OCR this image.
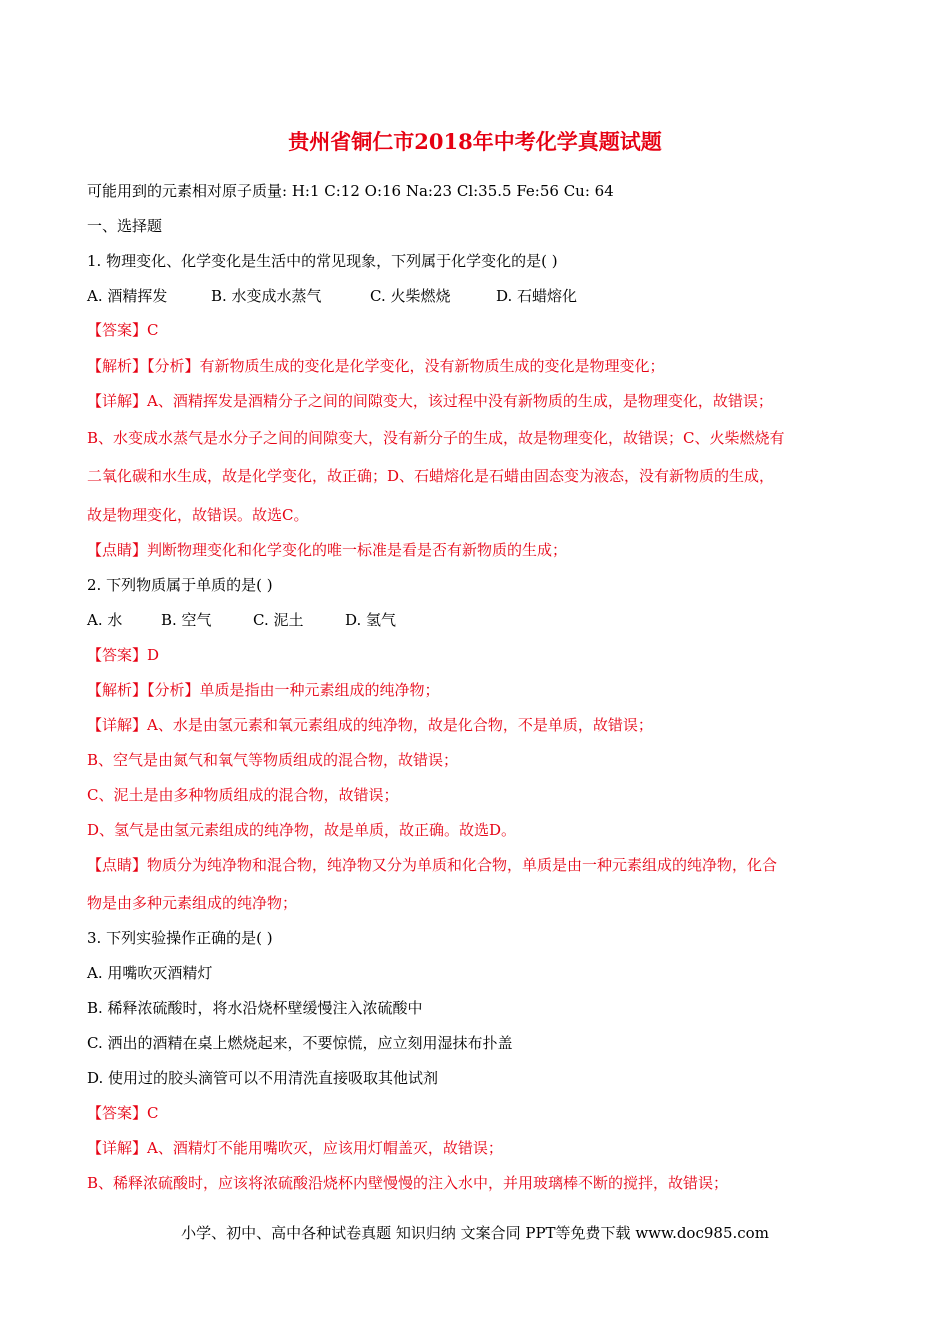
贵州省铜仁市2018年中考化学真题试题
可能用到的元素相对原子质量: H:1 C:12 O:16 Na:23 Cl:35.5 Fe:56 Cu: 64
一、选择题
1. 物理变化、化学变化是生活中的常见现象，下列属于化学变化的是( )
A. 酒精挥发	B. 水变成水蒸气	C. 火柴燃烧	D. 石蜡熔化
【答案】C
【解析】【分析】有新物质生成的变化是化学变化，没有新物质生成的变化是物理变化；
【详解】A、酒精挥发是酒精分子之间的间隙变大，该过程中没有新物质的生成，是物理变化，故错误；
B、水变成水蒸气是水分子之间的间隙变大，没有新分子的生成，故是物理变化，故错误；C、火柴燃烧有
二氧化碳和水生成，故是化学变化，故正确；D、石蜡熔化是石蜡由固态变为液态，没有新物质的生成，
故是物理变化，故错误。故选C。
【点睛】判断物理变化和化学变化的唯一标准是看是否有新物质的生成；
2. 下列物质属于单质的是( )
A. 水	B. 空气	C. 泥土	D. 氢气
【答案】D
【解析】【分析】单质是指由一种元素组成的纯净物；
【详解】A、水是由氢元素和氧元素组成的纯净物，故是化合物，不是单质，故错误；
B、空气是由氮气和氧气等物质组成的混合物，故错误；
C、泥土是由多种物质组成的混合物，故错误；
D、氢气是由氢元素组成的纯净物，故是单质，故正确。故选D。
【点睛】物质分为纯净物和混合物，纯净物又分为单质和化合物，单质是由一种元素组成的纯净物，化合
物是由多种元素组成的纯净物；
3. 下列实验操作正确的是( )
A. 用嘴吹灭酒精灯
B. 稀释浓硫酸时，将水沿烧杯壁缓慢注入浓硫酸中
C. 洒出的酒精在桌上燃烧起来，不要惊慌，应立刻用湿抹布扑盖
D. 使用过的胶头滴管可以不用清洗直接吸取其他试剂
【答案】C
【详解】A、酒精灯不能用嘴吹灭，应该用灯帽盖灭，故错误；
B、稀释浓硫酸时，应该将浓硫酸沿烧杯内壁慢慢的注入水中，并用玻璃棒不断的搅拌，故错误；
小学、初中、高中各种试卷真题 知识归纳 文案合同 PPT等免费下载 www.doc985.com
